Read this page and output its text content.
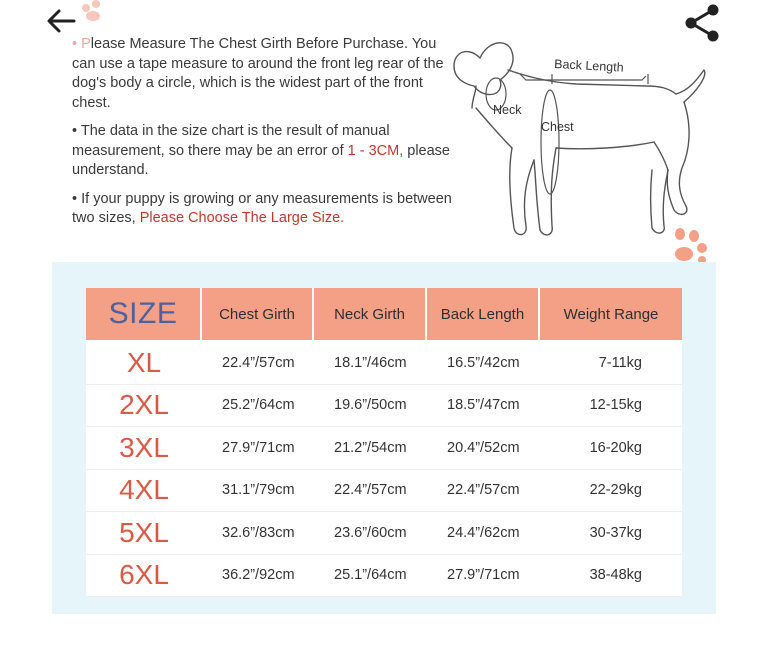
• Please Measure The Chest Girth Before Purchase. You can use a tape measure to around the front leg rear of the dog's body a circle, which is the widest part of the front chest.

• The data in the size chart is the result of manual measurement, so there may be an error of 1 - 3CM, please understand.

• If your puppy is growing or any measurements is between two sizes, Please Choose The Large Size.

Back Length
Neck
Chest
SIZE	Chest Girth	Neck Girth	Back Length	Weight Range
XL	22.4”/57cm	18.1”/46cm	16.5”/42cm	7-11kg
2XL	25.2”/64cm	19.6”/50cm	18.5”/47cm	12-15kg
3XL	27.9”/71cm	21.2”/54cm	20.4”/52cm	16-20kg
4XL	31.1”/79cm	22.4”/57cm	22.4”/57cm	22-29kg
5XL	32.6”/83cm	23.6”/60cm	24.4”/62cm	30-37kg
6XL	36.2”/92cm	25.1”/64cm	27.9”/71cm	38-48kg
